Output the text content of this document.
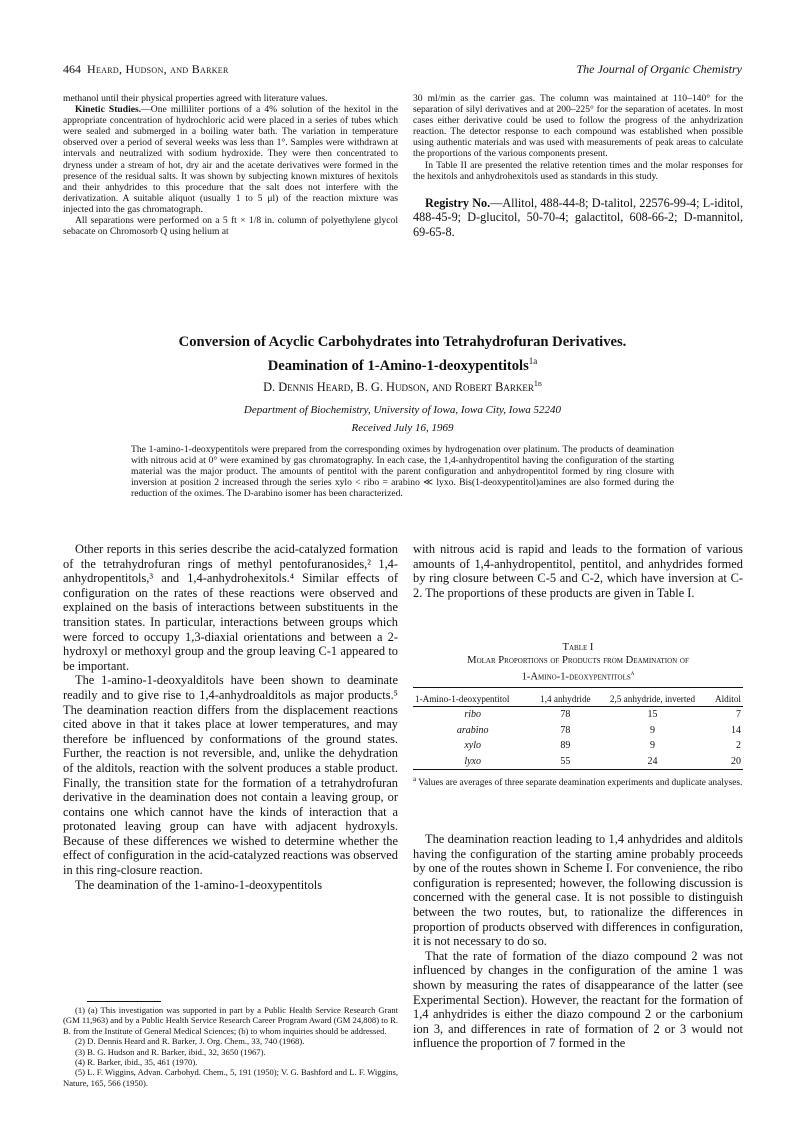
464 Heard, Hudson, and Barker	The Journal of Organic Chemistry

methanol until their physical properties agreed with literature values.

Kinetic Studies.—One milliliter portions of a 4% solution of the hexitol in the appropriate concentration of hydrochloric acid were placed in a series of tubes which were sealed and submerged in a boiling water bath. The variation in temperature observed over a period of several weeks was less than 1°. Samples were withdrawn at intervals and neutralized with sodium hydroxide. They were then concentrated to dryness under a stream of hot, dry air and the acetate derivatives were formed in the presence of the residual salts. It was shown by subjecting known mixtures of hexitols and their anhydrides to this procedure that the salt does not interfere with the derivatization. A suitable aliquot (usually 1 to 5 μl) of the reaction mixture was injected into the gas chromatograph.

All separations were performed on a 5 ft × 1/8 in. column of polyethylene glycol sebacate on Chromosorb Q using helium at

30 ml/min as the carrier gas. The column was maintained at 110–140° for the separation of silyl derivatives and at 200–225° for the separation of acetates. In most cases either derivative could be used to follow the progress of the anhydrization reaction. The detector response to each compound was established when possible using authentic materials and was used with measurements of peak areas to calculate the proportions of the various components present.

In Table II are presented the relative retention times and the molar responses for the hexitols and anhydrohexitols used as standards in this study.

Registry No.—Allitol, 488-44-8; D-talitol, 22576-99-4; L-iditol, 488-45-9; D-glucitol, 50-70-4; galactitol, 608-66-2; D-mannitol, 69-65-8.

Conversion of Acyclic Carbohydrates into Tetrahydrofuran Derivatives.
Deamination of 1-Amino-1-deoxypentitols$^{1a}$
D. Dennis Heard, B. G. Hudson, and Robert Barker$^{1b}$
Department of Biochemistry, University of Iowa, Iowa City, Iowa 52240
Received July 16, 1969
The 1-amino-1-deoxypentitols were prepared from the corresponding oximes by hydrogenation over platinum. The products of deamination with nitrous acid at 0° were examined by gas chromatography. In each case, the 1,4-anhydropentitol having the configuration of the starting material was the major product. The amounts of pentitol with the parent configuration and anhydropentitol formed by ring closure with inversion at position 2 increased through the series xylo < ribo = arabino ≪ lyxo. Bis(1-deoxypentitol)amines are also formed during the reduction of the oximes. The D-arabino isomer has been characterized.

Other reports in this series describe the acid-catalyzed formation of the tetrahydrofuran rings of methyl pentofuranosides,² 1,4-anhydropentitols,³ and 1,4-anhydrohexitols.⁴ Similar effects of configuration on the rates of these reactions were observed and explained on the basis of interactions between substituents in the transition states. In particular, interactions between groups which were forced to occupy 1,3-diaxial orientations and between a 2-hydroxyl or methoxyl group and the group leaving C-1 appeared to be important.

The 1-amino-1-deoxyalditols have been shown to deaminate readily and to give rise to 1,4-anhydroalditols as major products.⁵ The deamination reaction differs from the displacement reactions cited above in that it takes place at lower temperatures, and may therefore be influenced by conformations of the ground states. Further, the reaction is not reversible, and, unlike the dehydration of the alditols, reaction with the solvent produces a stable product. Finally, the transition state for the formation of a tetrahydrofuran derivative in the deamination does not contain a leaving group, or contains one which cannot have the kinds of interaction that a protonated leaving group can have with adjacent hydroxyls. Because of these differences we wished to determine whether the effect of configuration in the acid-catalyzed reactions was observed in this ring-closure reaction.

The deamination of the 1-amino-1-deoxypentitols

(1) (a) This investigation was supported in part by a Public Health Service Research Grant (GM 11,963) and by a Public Health Service Research Career Program Award (GM 24,808) to R. B. from the Institute of General Medical Sciences; (b) to whom inquiries should be addressed.

(2) D. Dennis Heard and R. Barker, J. Org. Chem., 33, 740 (1968).

(3) B. G. Hudson and R. Barker, ibid., 32, 3650 (1967).

(4) R. Barker, ibid., 35, 461 (1970).

(5) L. F. Wiggins, Advan. Carbohyd. Chem., 5, 191 (1950); V. G. Bashford and L. F. Wiggins, Nature, 165, 566 (1950).

with nitrous acid is rapid and leads to the formation of various amounts of 1,4-anhydropentitol, pentitol, and anhydrides formed by ring closure between C-5 and C-2, which have inversion at C-2. The proportions of these products are given in Table I.

Table I
Molar Proportions of Products from Deamination of
1-Amino-1-deoxypentitols$^a$

1-Amino-1-deoxypentitol	1,4 anhydride	2,5 anhydride, inverted	Alditol
ribo	78	15	7
arabino	78	9	14
xylo	89	9	2
lyxo	55	24	20
$^a$ Values are averages of three separate deamination experiments and duplicate analyses.

The deamination reaction leading to 1,4 anhydrides and alditols having the configuration of the starting amine probably proceeds by one of the routes shown in Scheme I. For convenience, the ribo configuration is represented; however, the following discussion is concerned with the general case. It is not possible to distinguish between the two routes, but, to rationalize the differences in proportion of products observed with differences in configuration, it is not necessary to do so.

That the rate of formation of the diazo compound 2 was not influenced by changes in the configuration of the amine 1 was shown by measuring the rates of disappearance of the latter (see Experimental Section). However, the reactant for the formation of 1,4 anhydrides is either the diazo compound 2 or the carbonium ion 3, and differences in rate of formation of 2 or 3 would not influence the proportion of 7 formed in the
